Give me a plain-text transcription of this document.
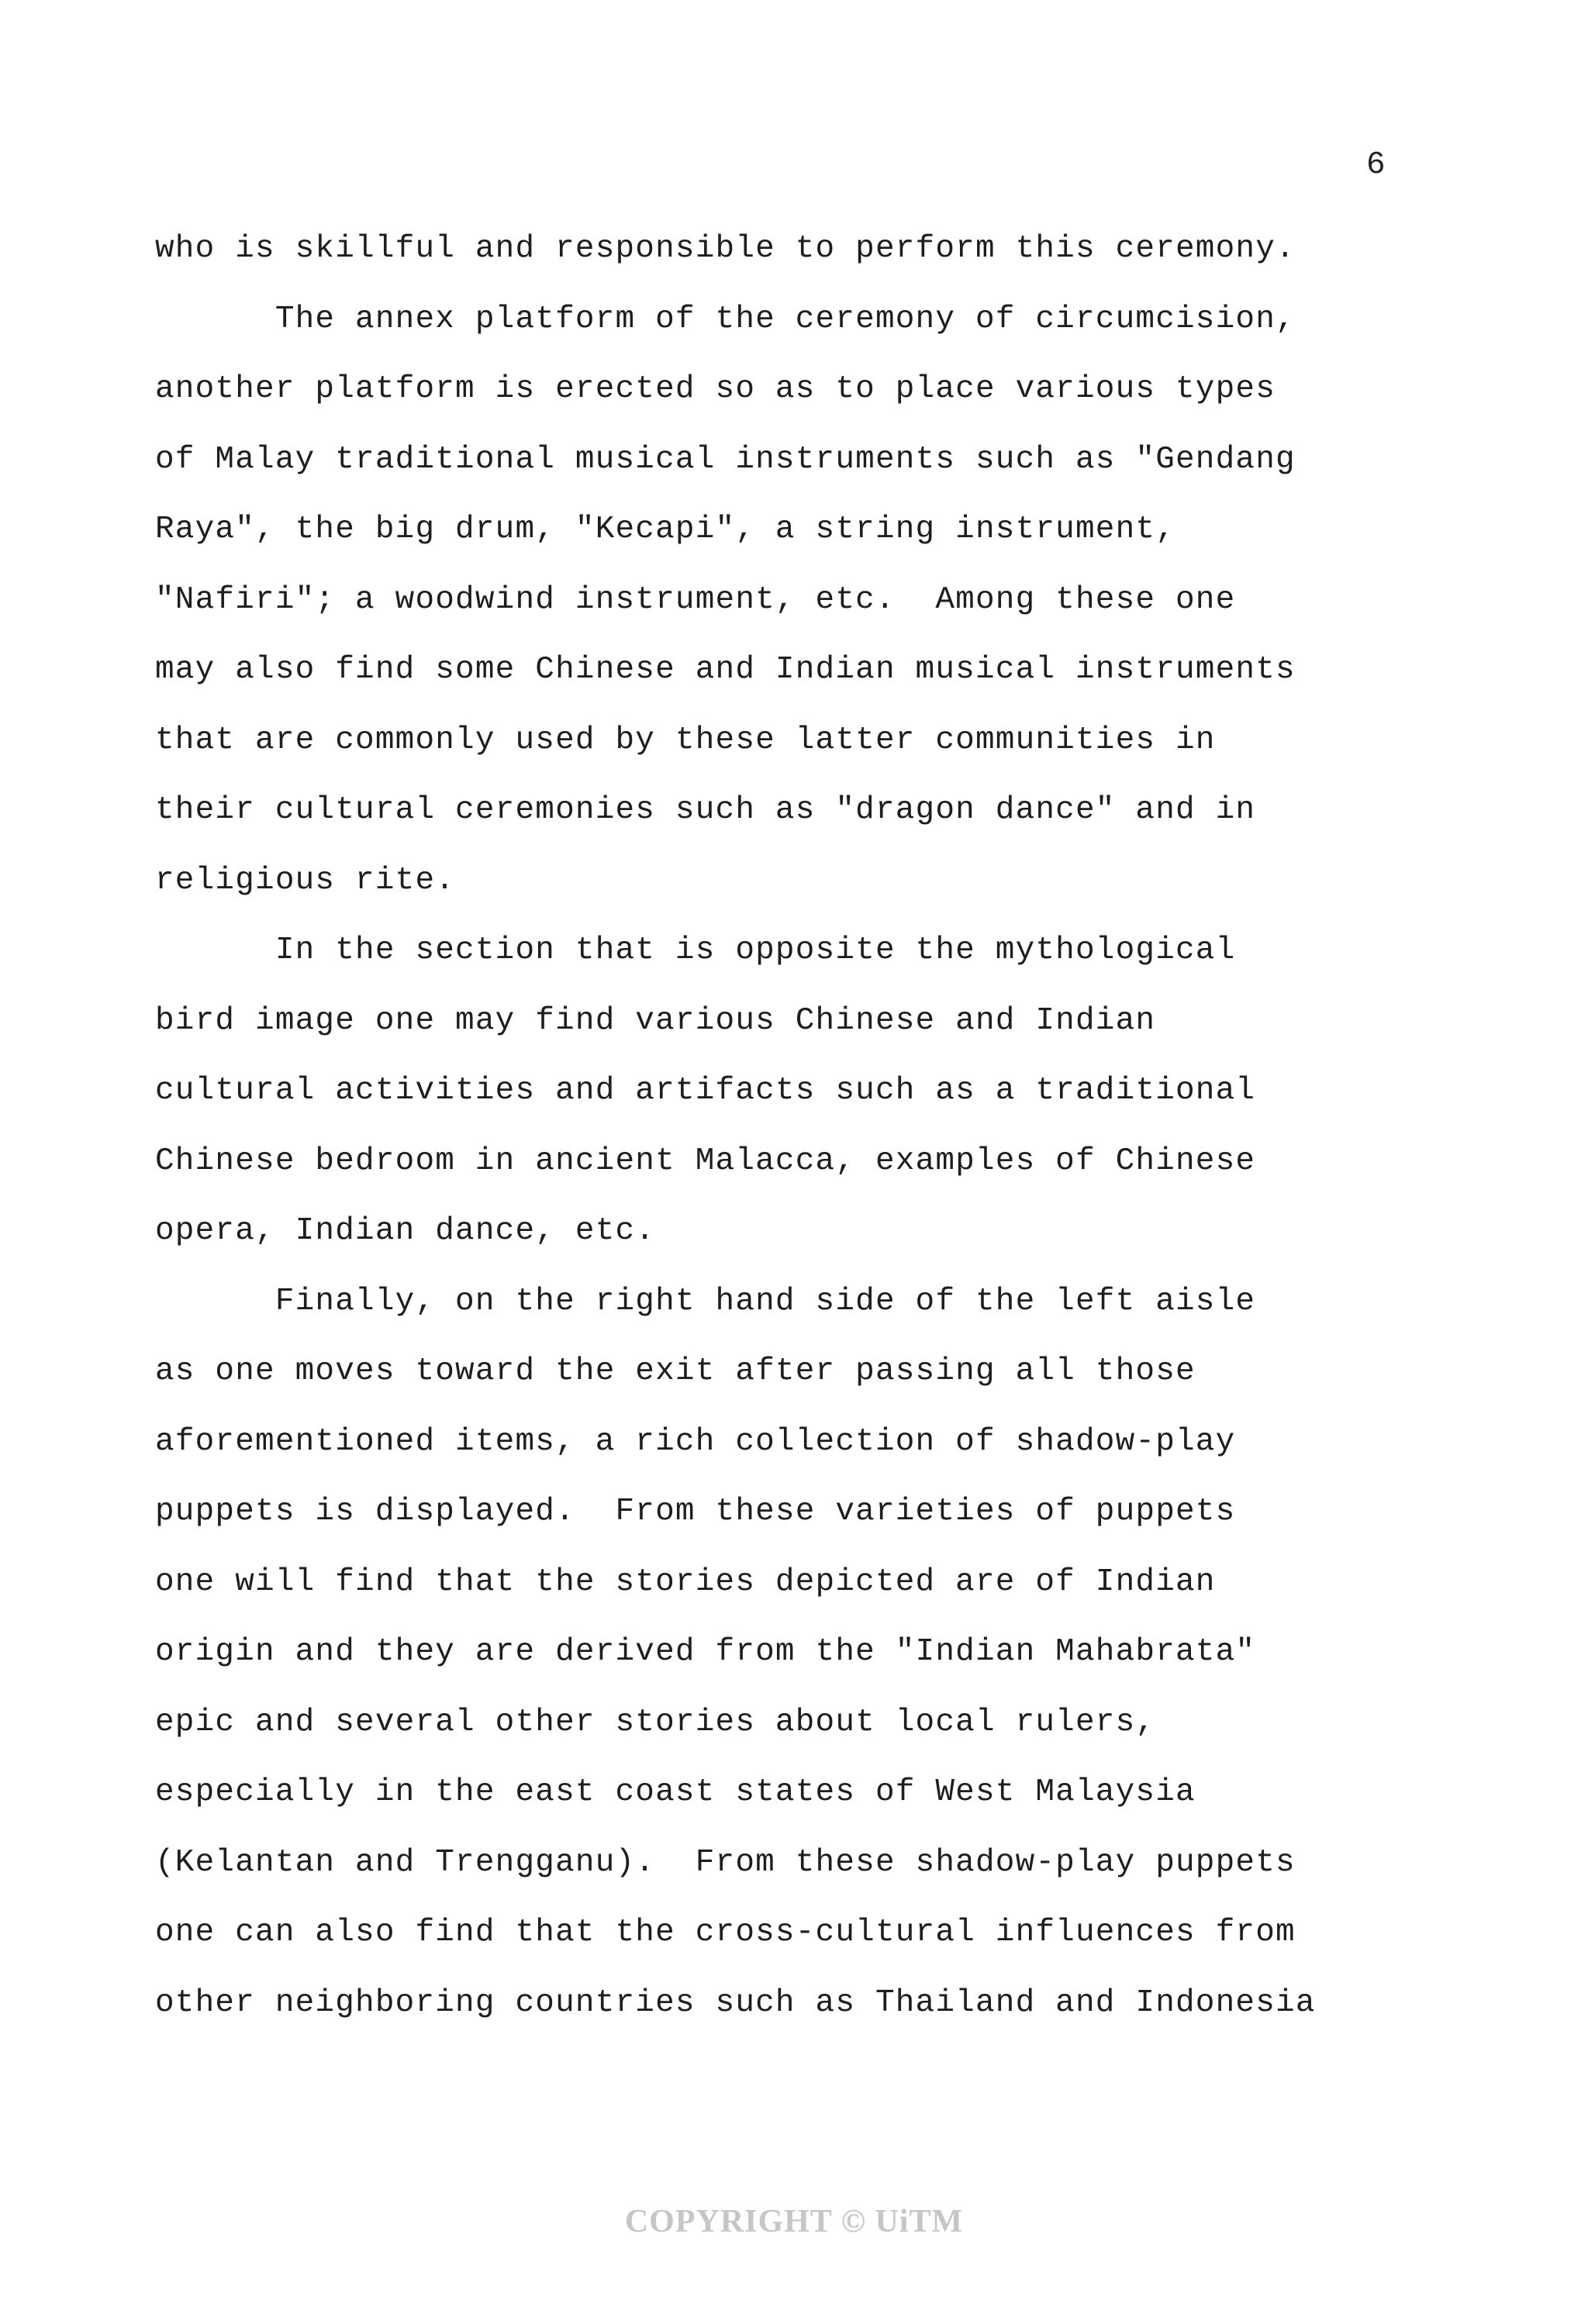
6
who is skillful and responsible to perform this ceremony.
The annex platform of the ceremony of circumcision,
another platform is erected so as to place various types
of Malay traditional musical instruments such as "Gendang
Raya", the big drum, "Kecapi", a string instrument,
"Nafiri"; a woodwind instrument, etc.  Among these one
may also find some Chinese and Indian musical instruments
that are commonly used by these latter communities in
their cultural ceremonies such as "dragon dance" and in
religious rite.
In the section that is opposite the mythological
bird image one may find various Chinese and Indian
cultural activities and artifacts such as a traditional
Chinese bedroom in ancient Malacca, examples of Chinese
opera, Indian dance, etc.
Finally, on the right hand side of the left aisle
as one moves toward the exit after passing all those
aforementioned items, a rich collection of shadow-play
puppets is displayed.  From these varieties of puppets
one will find that the stories depicted are of Indian
origin and they are derived from the "Indian Mahabrata"
epic and several other stories about local rulers,
especially in the east coast states of West Malaysia
(Kelantan and Trengganu).  From these shadow-play puppets
one can also find that the cross-cultural influences from
other neighboring countries such as Thailand and Indonesia
COPYRIGHT © UiTM
